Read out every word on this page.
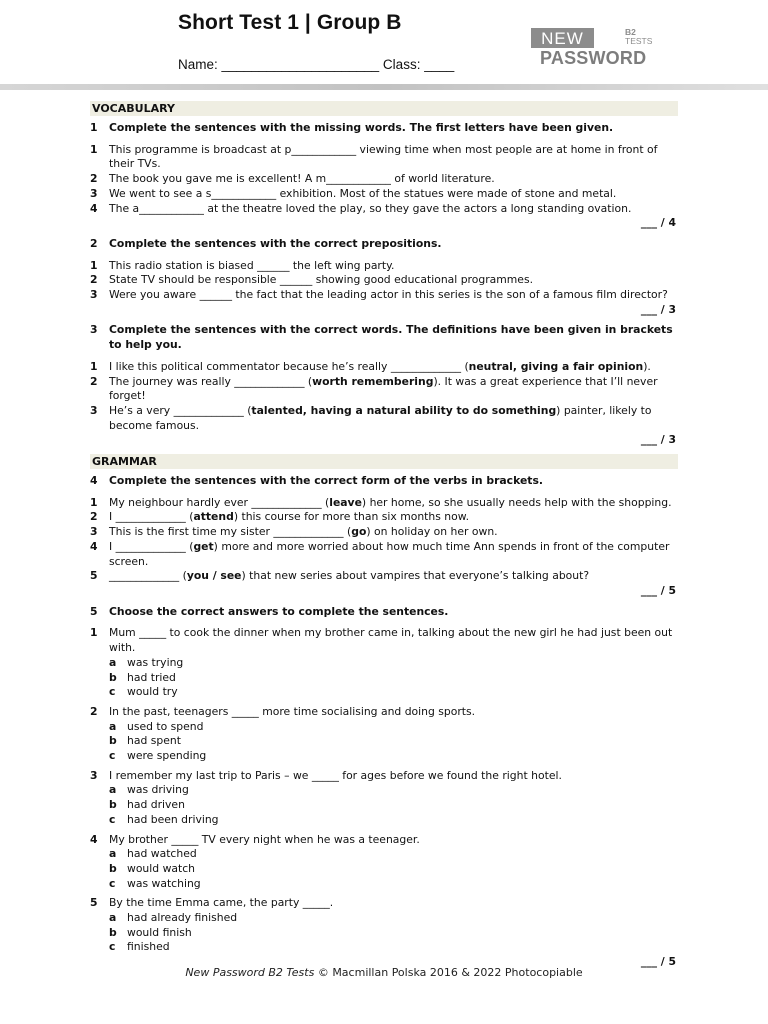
Short Test 1 | Group B
Name: _____________________ Class: ____
NEW	B2
TESTS
PASSWORD
VOCABULARY
1	Complete the sentences with the missing words. The first letters have been given.
1	This programme is broadcast at p____________ viewing time when most people are at home in front of their TVs.
2	The book you gave me is excellent! A m____________ of world literature.
3	We went to see a s____________ exhibition. Most of the statues were made of stone and metal.
4	The a____________ at the theatre loved the play, so they gave the actors a long standing ovation.
___ / 4
2	Complete the sentences with the correct prepositions.
1	This radio station is biased ______ the left wing party.
2	State TV should be responsible ______ showing good educational programmes.
3	Were you aware ______ the fact that the leading actor in this series is the son of a famous film director?
___ / 3
3	Complete the sentences with the correct words. The definitions have been given in brackets to help you.
1	I like this political commentator because he’s really _____________ (neutral, giving a fair opinion).
2	The journey was really _____________ (worth remembering). It was a great experience that I’ll never forget!
3	He’s a very _____________ (talented, having a natural ability to do something) painter, likely to become famous.
___ / 3
GRAMMAR
4	Complete the sentences with the correct form of the verbs in brackets.
1	My neighbour hardly ever _____________ (leave) her home, so she usually needs help with the shopping.
2	I _____________ (attend) this course for more than six months now.
3	This is the first time my sister _____________ (go) on holiday on her own.
4	I _____________ (get) more and more worried about how much time Ann spends in front of the computer screen.
5	_____________ (you / see) that new series about vampires that everyone’s talking about?
___ / 5
5	Choose the correct answers to complete the sentences.
1	Mum _____ to cook the dinner when my brother came in, talking about the new girl he had just been out with.
a was trying
b had tried
c	would try
2	In the past, teenagers _____ more time socialising and doing sports.
a used to spend
b had spent
c	were spending
3	I remember my last trip to Paris – we _____ for ages before we found the right hotel.
a was driving
b had driven
c	had been driving
4	My brother _____ TV every night when he was a teenager.
a had watched
b would watch
c	was watching
5	By the time Emma came, the party _____.
a had already finished
b would finish
c	finished
___ / 5
New Password B2 Tests © Macmillan Polska 2016 & 2022 Photocopiable
